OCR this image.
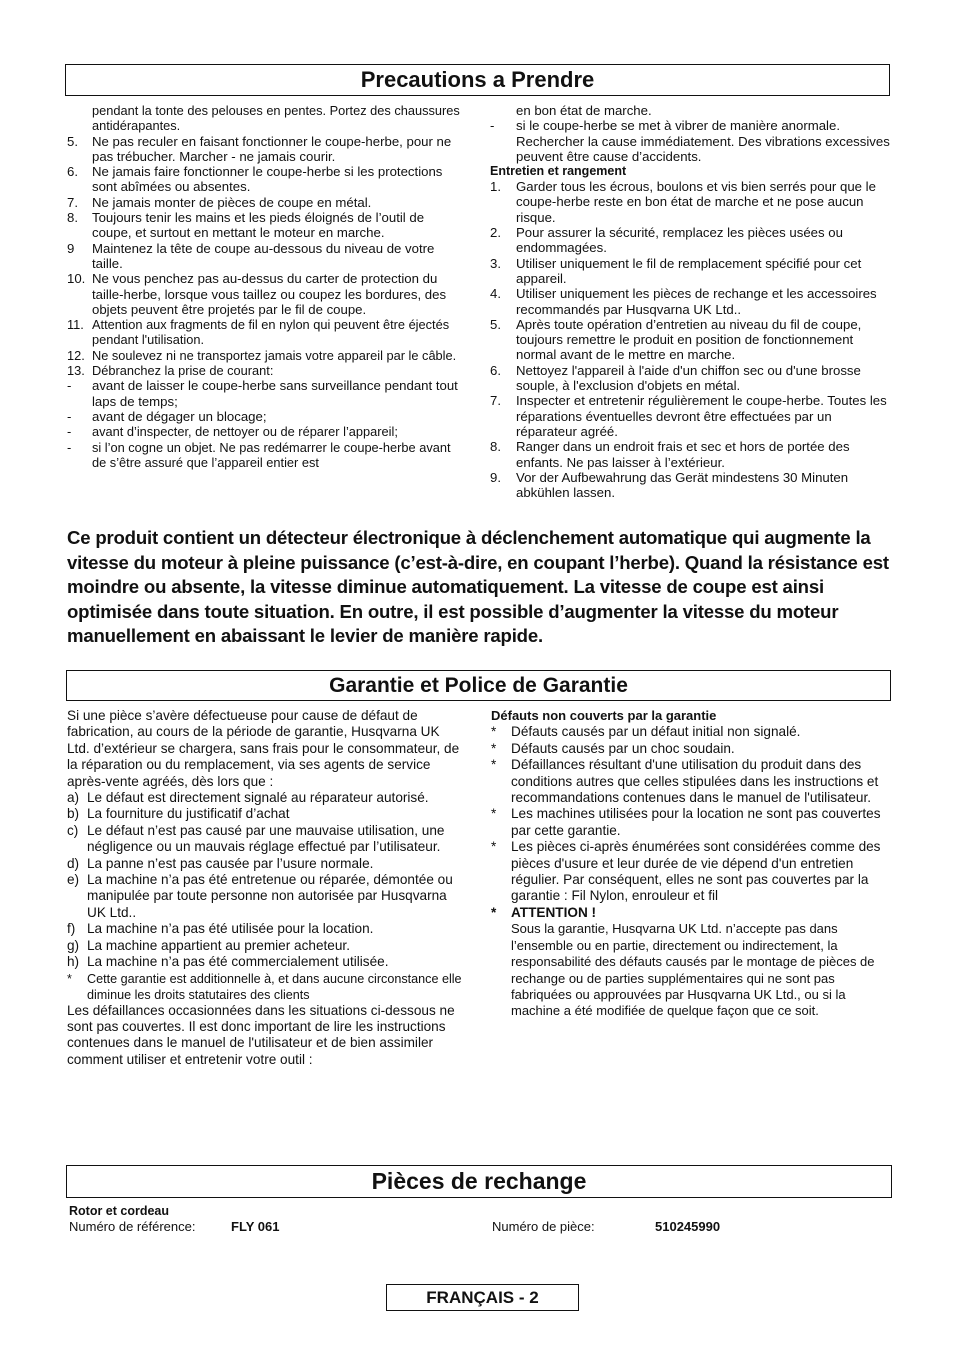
Precautions a Prendre
pendant la tonte des pelouses en pentes. Portez des chaussures antidérapantes.
5. Ne pas reculer en faisant fonctionner le coupe-herbe, pour ne pas trébucher. Marcher - ne jamais courir.
6. Ne jamais faire fonctionner le coupe-herbe si les protections sont abîmées ou absentes.
7. Ne jamais monter de pièces de coupe en métal.
8. Toujours tenir les mains et les pieds éloignés de l’outil de coupe, et surtout en mettant le moteur en marche.
9 Maintenez la tête de coupe au-dessous du niveau de votre taille.
10. Ne vous penchez pas au-dessus du carter de protection du taille-herbe, lorsque vous taillez ou coupez les bordures, des objets peuvent être projetés par le fil de coupe.
11. Attention aux fragments de fil en nylon qui peuvent être éjectés pendant l'utilisation.
12. Ne soulevez ni ne transportez jamais votre appareil par le câble.
13. Débranchez la prise de courant:
- avant de laisser le coupe-herbe sans surveillance pendant tout laps de temps;
- avant de dégager un blocage;
- avant d’inspecter, de nettoyer ou de réparer l’appareil;
- si l’on cogne un objet. Ne pas redémarrer le coupe-herbe avant de s’être assuré que l’appareil entier est
en bon état de marche.
- si le coupe-herbe se met à vibrer de manière anormale. Rechercher la cause immédiatement. Des vibrations excessives peuvent être cause d’accidents.
Entretien et rangement
1. Garder tous les écrous, boulons et vis bien serrés pour que le coupe-herbe reste en bon état de marche et ne pose aucun risque.
2. Pour assurer la sécurité, remplacez les pièces usées ou endommagées.
3. Utiliser uniquement le fil de remplacement spécifié pour cet appareil.
4. Utiliser uniquement les pièces de rechange et les accessoires recommandés par Husqvarna UK Ltd..
5. Après toute opération d’entretien au niveau du fil de coupe, toujours remettre le produit en position de fonctionnement normal avant de le mettre en marche.
6. Nettoyez l'appareil à l'aide d'un chiffon sec ou d'une brosse souple, à l'exclusion d'objets en métal.
7. Inspecter et entretenir régulièrement le coupe-herbe. Toutes les réparations éventuelles devront être effectuées par un réparateur agréé.
8. Ranger dans un endroit frais et sec et hors de portée des enfants. Ne pas laisser à l’extérieur.
9. Vor der Aufbewahrung das Gerät mindestens 30 Minuten abkühlen lassen.
Ce produit contient un détecteur électronique à déclenchement automatique qui augmente la vitesse du moteur à pleine puissance (c’est-à-dire, en coupant l’herbe). Quand la résistance est moindre ou absente, la vitesse diminue automatiquement. La vitesse de coupe est ainsi optimisée dans toute situation. En outre, il est possible d’augmenter la vitesse du moteur manuellement en abaissant le levier de manière rapide.
Garantie et Police de Garantie
Si une pièce s’avère défectueuse pour cause de défaut de fabrication, au cours de la période de garantie, Husqvarna UK Ltd. d’extérieur se chargera, sans frais pour le consommateur, de la réparation ou du remplacement, via ses agents de service après-vente agréés, dès lors que :
a) Le défaut est directement signalé au réparateur autorisé.
b) La fourniture du justificatif d’achat
c) Le défaut n’est pas causé par une mauvaise utilisation, une négligence ou un mauvais réglage effectué par l’utilisateur.
d) La panne n’est pas causée par l’usure normale.
e) La machine n’a pas été entretenue ou réparée, démontée ou manipulée par toute personne non autorisée par Husqvarna UK Ltd..
f) La machine n’a pas été utilisée pour la location.
g) La machine appartient au premier acheteur.
h) La machine n’a pas été commercialement utilisée.
* Cette garantie est additionnelle à, et dans aucune circonstance elle diminue les droits statutaires des clients
Les défaillances occasionnées dans les situations ci-dessous ne sont pas couvertes. Il est donc important de lire les instructions contenues dans le manuel de l'utilisateur et de bien assimiler comment utiliser et entretenir votre outil :
Défauts non couverts par la garantie
* Défauts causés par un défaut initial non signalé.
* Défauts causés par un choc soudain.
* Défaillances résultant d'une utilisation du produit dans des conditions autres que celles stipulées dans les instructions et recommandations contenues dans le manuel de l'utilisateur.
* Les machines utilisées pour la location ne sont pas couvertes par cette garantie.
* Les pièces ci-après énumérées sont considérées comme des pièces d'usure et leur durée de vie dépend d'un entretien régulier. Par conséquent, elles ne sont pas couvertes par la garantie : Fil Nylon, enrouleur et fil
* ATTENTION !
Sous la garantie, Husqvarna UK Ltd. n’accepte pas dans l’ensemble ou en partie, directement ou indirectement, la responsabilité des défauts causés par le montage de pièces de rechange ou de parties supplémentaires qui ne sont pas fabriquées ou approuvées par Husqvarna UK Ltd., ou si la machine a été modifiée de quelque façon que ce soit.
Pièces de rechange
Rotor et cordeau
Numéro de référence:	FLY 061	Numéro de pièce:	510245990
FRANÇAIS - 2
